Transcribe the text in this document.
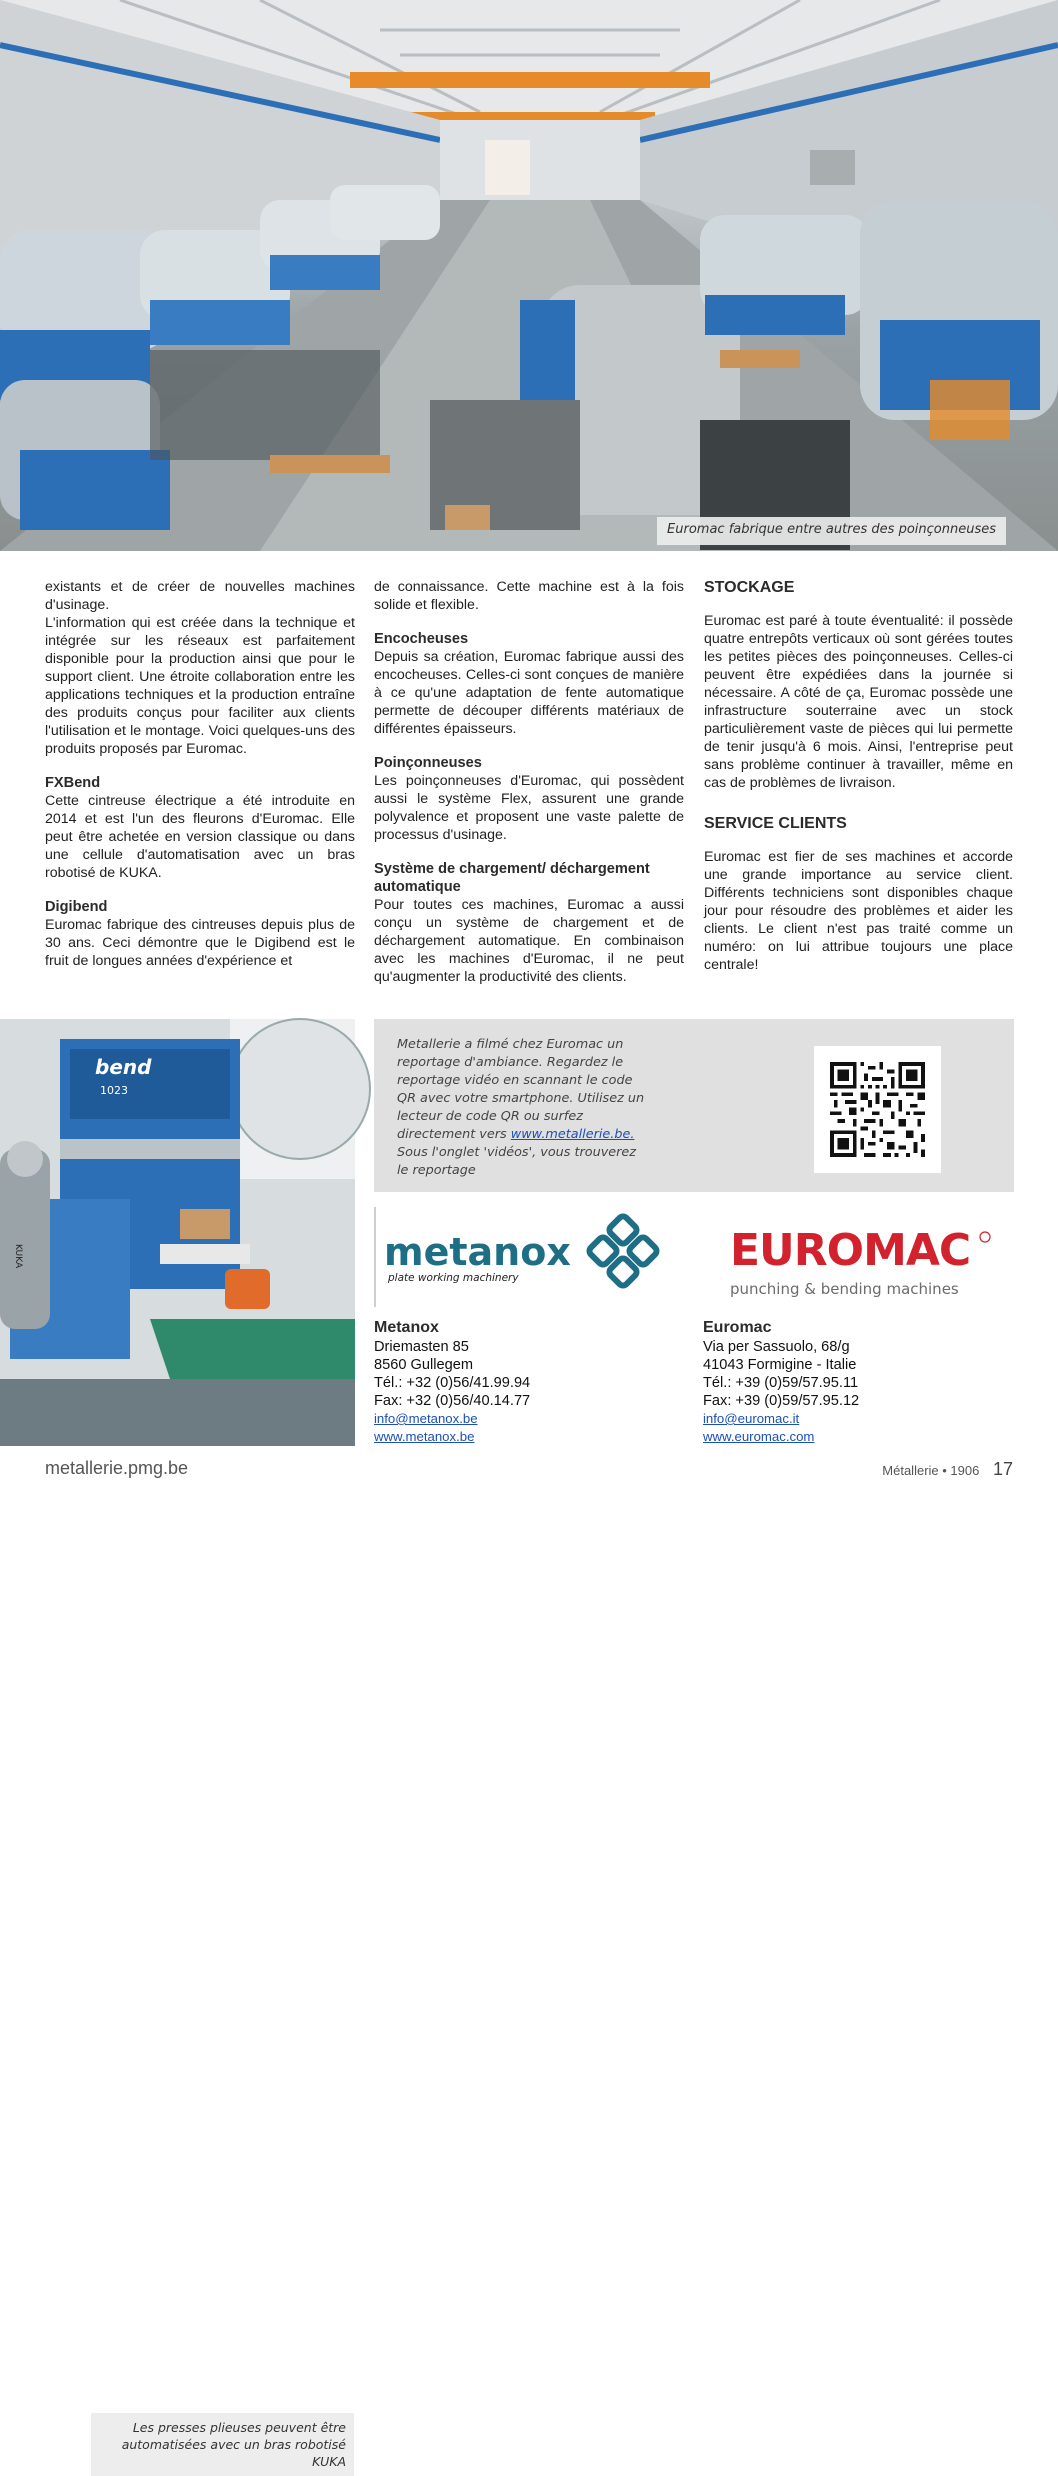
Euromac fabrique entre autres des poinçonneuses

existants et de créer de nouvelles machines d'usinage.

L'information qui est créée dans la technique et intégrée sur les réseaux est parfaitement disponible pour la production ainsi que pour le support client. Une étroite collaboration entre les applications techniques et la production entraîne des produits conçus pour faciliter aux clients l'utilisation et le montage. Voici quelques-uns des produits proposés par Euromac.

FXBend

Cette cintreuse électrique a été introduite en 2014 et est l'un des fleurons d'Euromac. Elle peut être achetée en version classique ou dans une cellule d'automatisation avec un bras robotisé de KUKA.

Digibend

Euromac fabrique des cintreuses depuis plus de 30 ans. Ceci démontre que le Digibend est le fruit de longues années d'expérience et

de connaissance. Cette machine est à la fois solide et flexible.

Encocheuses

Depuis sa création, Euromac fabrique aussi des encocheuses. Celles-ci sont conçues de manière à ce qu'une adaptation de fente automatique permette de découper différents matériaux de différentes épaisseurs.

Poinçonneuses

Les poinçonneuses d'Euromac, qui possèdent aussi le système Flex, assurent une grande polyvalence et proposent une vaste palette de processus d'usinage.

Système de chargement/ déchargement automatique

Pour toutes ces machines, Euromac a aussi conçu un système de chargement et de déchargement automatique. En combinaison avec les machines d'Euromac, il ne peut qu'augmenter la productivité des clients.

STOCKAGE

Euromac est paré à toute éventualité: il possède quatre entrepôts verticaux où sont gérées toutes les petites pièces des poinçonneuses. Celles-ci peuvent être expédiées dans la journée si nécessaire. A côté de ça, Euromac possède une infrastructure souterraine avec un stock particulièrement vaste de pièces qui lui permette de tenir jusqu'à 6 mois. Ainsi, l'entreprise peut sans problème continuer à travailler, même en cas de problèmes de livraison.

SERVICE CLIENTS

Euromac est fier de ses machines et accorde une grande importance au service client. Différents techniciens sont disponibles chaque jour pour résoudre des problèmes et aider les clients. Le client n'est pas traité comme un numéro: on lui attribue toujours une place centrale!

bend
1023
KUKA
Les presses plieuses peuvent être automatisées avec un bras robotisé KUKA
Metallerie a filmé chez Euromac un reportage d'ambiance. Regardez le reportage vidéo en scannant le code QR avec votre smartphone. Utilisez un lecteur de code QR ou surfez directement vers www.metallerie.be. Sous l'onglet 'vidéos', vous trouverez le reportage
metanox
plate working machinery
EUROMAC
punching & bending machines
Metanox
Driemasten 85
8560 Gullegem
Tél.: +32 (0)56/41.99.94
Fax: +32 (0)56/40.14.77
info@metanox.be
www.metanox.be
Euromac
Via per Sassuolo, 68/g
41043 Formigine - Italie
Tél.: +39 (0)59/57.95.11
Fax: +39 (0)59/57.95.12
info@euromac.it
www.euromac.com
metallerie.pmg.be	Métallerie • 1906 17
